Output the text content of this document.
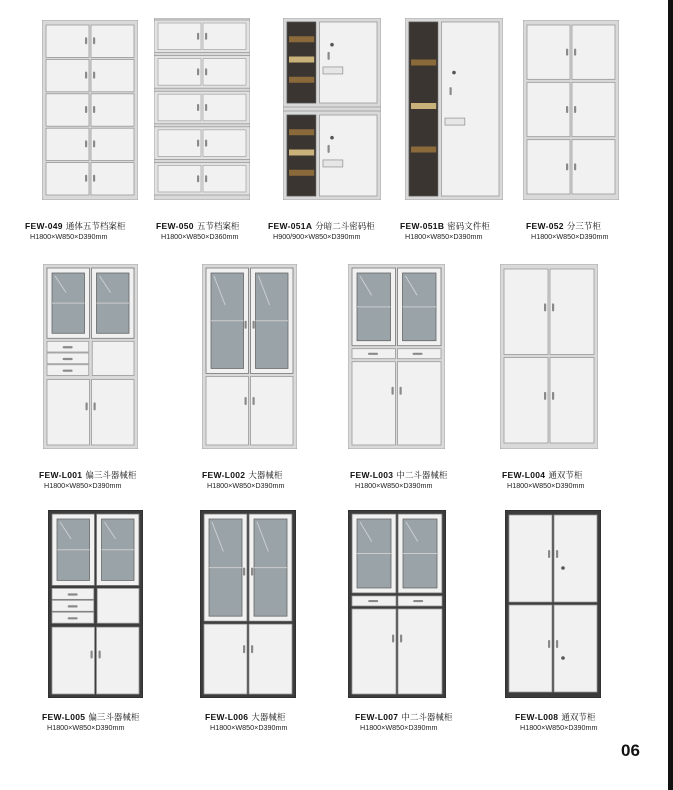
FEW-049 通体五节档案柜
H1800×W850×D390mm
FEW-050 五节档案柜
H1800×W850×D360mm
FEW-051A 分暗二斗密码柜
H900/900×W850×D390mm
FEW-051B 密码文件柜
H1800×W850×D390mm
FEW-052 分三节柜
H1800×W850×D390mm
FEW-L001 偏三斗器械柜
H1800×W850×D390mm
FEW-L002 大器械柜
H1800×W850×D390mm
FEW-L003 中二斗器械柜
H1800×W850×D390mm
FEW-L004 通双节柜
H1800×W850×D390mm
FEW-L005 偏三斗器械柜
H1800×W850×D390mm
FEW-L006 大器械柜
H1800×W850×D390mm
FEW-L007 中二斗器械柜
H1800×W850×D390mm
FEW-L008 通双节柜
H1800×W850×D390mm
06
